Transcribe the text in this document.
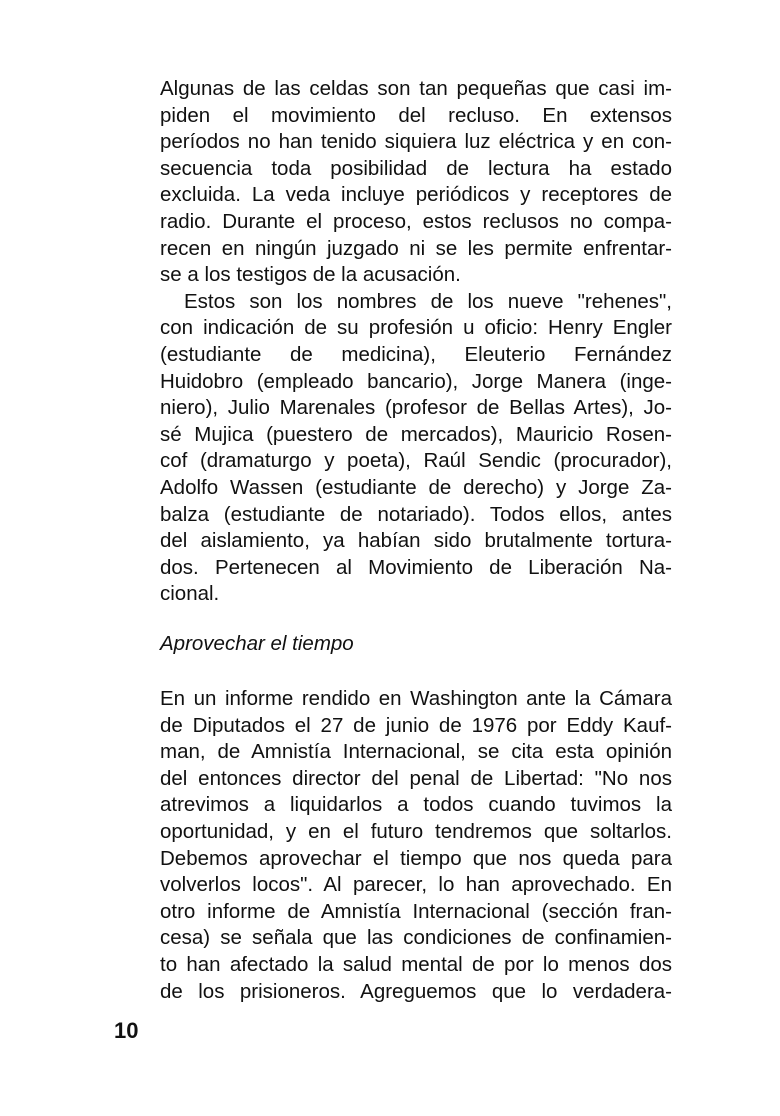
Algunas de las celdas son tan pequeñas que casi im-
piden el movimiento del recluso. En extensos
períodos no han tenido siquiera luz eléctrica y en con-
secuencia toda posibilidad de lectura ha estado
excluida. La veda incluye periódicos y receptores de
radio. Durante el proceso, estos reclusos no compa-
recen en ningún juzgado ni se les permite enfrentar-
se a los testigos de la acusación.

Estos son los nombres de los nueve "rehenes",
con indicación de su profesión u oficio: Henry Engler
(estudiante de medicina), Eleuterio Fernández
Huidobro (empleado bancario), Jorge Manera (inge-
niero), Julio Marenales (profesor de Bellas Artes), Jo-
sé Mujica (puestero de mercados), Mauricio Rosen-
cof (dramaturgo y poeta), Raúl Sendic (procurador),
Adolfo Wassen (estudiante de derecho) y Jorge Za-
balza (estudiante de notariado). Todos ellos, antes
del aislamiento, ya habían sido brutalmente tortura-
dos. Pertenecen al Movimiento de Liberación Na-
cional.

Aprovechar el tiempo

En un informe rendido en Washington ante la Cámara
de Diputados el 27 de junio de 1976 por Eddy Kauf-
man, de Amnistía Internacional, se cita esta opinión
del entonces director del penal de Libertad: "No nos
atrevimos a liquidarlos a todos cuando tuvimos la
oportunidad, y en el futuro tendremos que soltarlos.
Debemos aprovechar el tiempo que nos queda para
volverlos locos". Al parecer, lo han aprovechado. En
otro informe de Amnistía Internacional (sección fran-
cesa) se señala que las condiciones de confinamien-
to han afectado la salud mental de por lo menos dos
de los prisioneros. Agreguemos que lo verdadera-

10
